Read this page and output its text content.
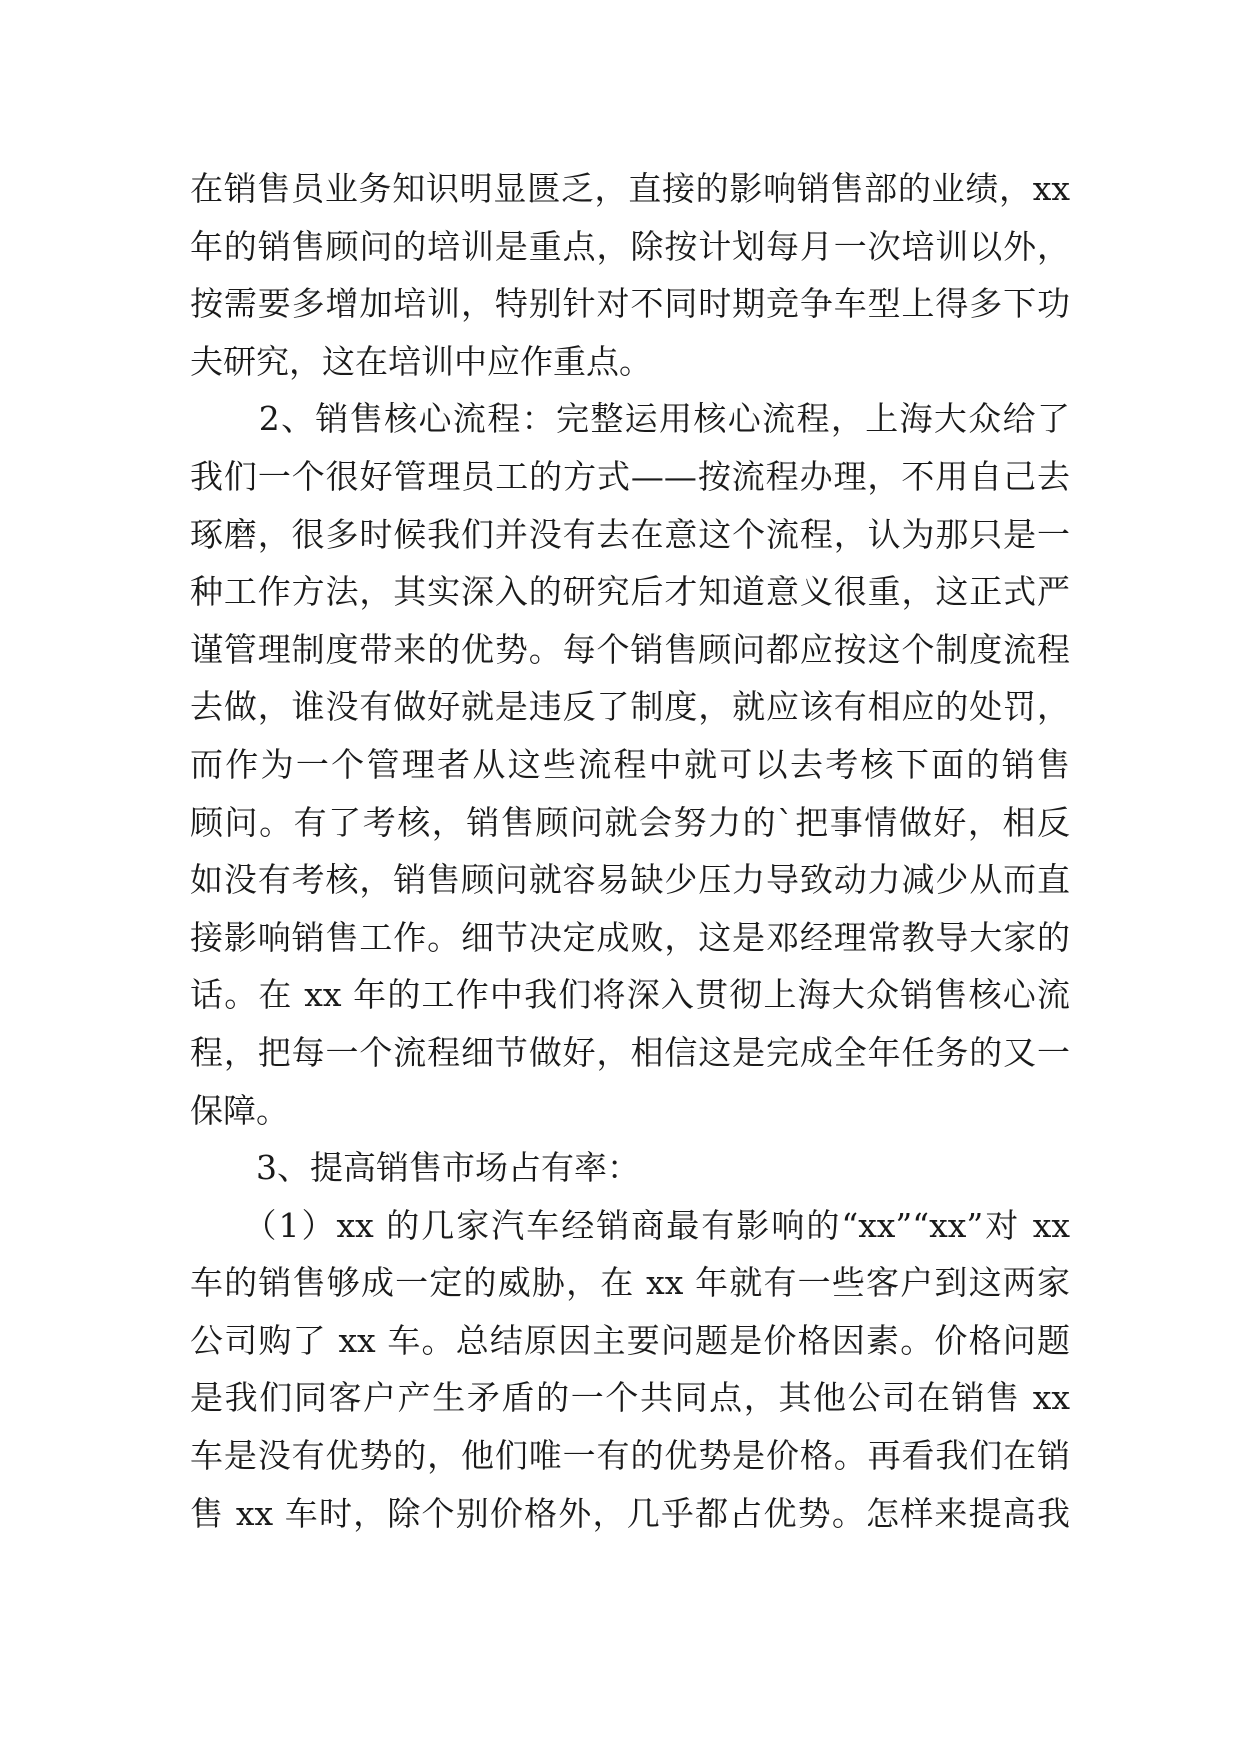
在销售员业务知识明显匮乏，直接的影响销售部的业绩，xx
年的销售顾问的培训是重点，除按计划每月一次培训以外，
按需要多增加培训，特别针对不同时期竞争车型上得多下功
夫研究，这在培训中应作重点。
　　2、销售核心流程：完整运用核心流程，上海大众给了
我们一个很好管理员工的方式——按流程办理，不用自己去
琢磨，很多时候我们并没有去在意这个流程，认为那只是一
种工作方法，其实深入的研究后才知道意义很重，这正式严
谨管理制度带来的优势。每个销售顾问都应按这个制度流程
去做，谁没有做好就是违反了制度，就应该有相应的处罚，
而作为一个管理者从这些流程中就可以去考核下面的销售
顾问。有了考核，销售顾问就会努力的`把事情做好，相反
如没有考核，销售顾问就容易缺少压力导致动力减少从而直
接影响销售工作。细节决定成败，这是邓经理常教导大家的
话。在 xx 年的工作中我们将深入贯彻上海大众销售核心流
程，把每一个流程细节做好，相信这是完成全年任务的又一
保障。
　　3、提高销售市场占有率：
　　（1）xx 的几家汽车经销商最有影响的“xx”“xx”对 xx
车的销售够成一定的威胁，在 xx 年就有一些客户到这两家
公司购了 xx 车。总结原因主要问题是价格因素。价格问题
是我们同客户产生矛盾的一个共同点，其他公司在销售 xx
车是没有优势的，他们唯一有的优势是价格。再看我们在销
售 xx 车时，除个别价格外，几乎都占优势。怎样来提高我
